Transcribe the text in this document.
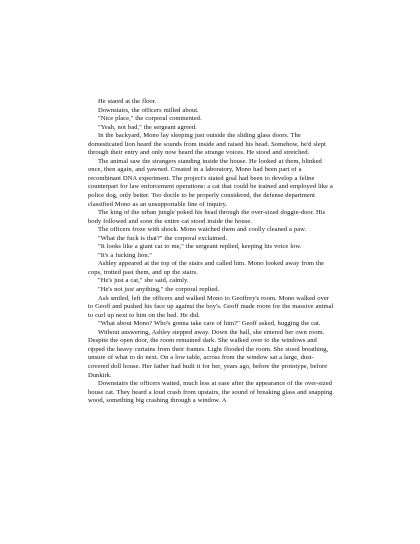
He stared at the floor.

Downstairs, the officers milled about.

"Nice place," the corporal commented.

"Yeah, not bad," the sergeant agreed.

In the backyard, Mono lay sleeping just outside the sliding glass doors. The domesticated lion heard the sounds from inside and raised his head. Somehow, he'd slept through their entry and only now heard the strange voices. He stood and stretched.

The animal saw the strangers standing inside the house. He looked at them, blinked once, then again, and yawned. Created in a laboratory, Mono had been part of a recombinant DNA experiment. The project's stated goal had been to develop a feline counterpart for law enforcement operations: a cat that could be trained and employed like a police dog, only better. Too docile to be properly considered, the defense department classified Mono as an unsupportable line of inquiry.

The king of the urban jungle poked his head through the over-sized doggie-door. His body followed and soon the entire cat stood inside the house.

The officers froze with shock. Mono watched them and coolly cleaned a paw.

"What the fuck is that?" the corporal exclaimed.

"It looks like a giant cat to me," the sergeant replied, keeping his voice low.

"It's a fucking lion."

Ashley appeared at the top of the stairs and called him. Mono looked away from the cops, trotted past them, and up the stairs.

"He's just a cat," she said, calmly.

"He's not just anything," the corporal replied.

Ash smiled, left the officers and walked Mono to Geoffrey's room. Mono walked over to Geoff and pushed his face up against the boy's. Geoff made room for the massive animal to curl up next to him on the bed. He did.

"What about Mono? Who's gonna take care of him?" Geoff asked, hugging the cat.

Without answering, Ashley stepped away. Down the hall, she entered her own room. Despite the open door, the room remained dark. She walked over to the windows and ripped the heavy curtains from their frames. Light flooded the room. She stood breathing, unsure of what to do next. On a low table, across from the window sat a large, dust-covered doll house. Her father had built it for her, years ago, before the prototype, before Dunkirk.

Downstairs the officers waited, much less at ease after the appearance of the over-sized house cat. They heard a loud crash from upstairs, the sound of breaking glass and snapping wood, something big crashing through a window. A
